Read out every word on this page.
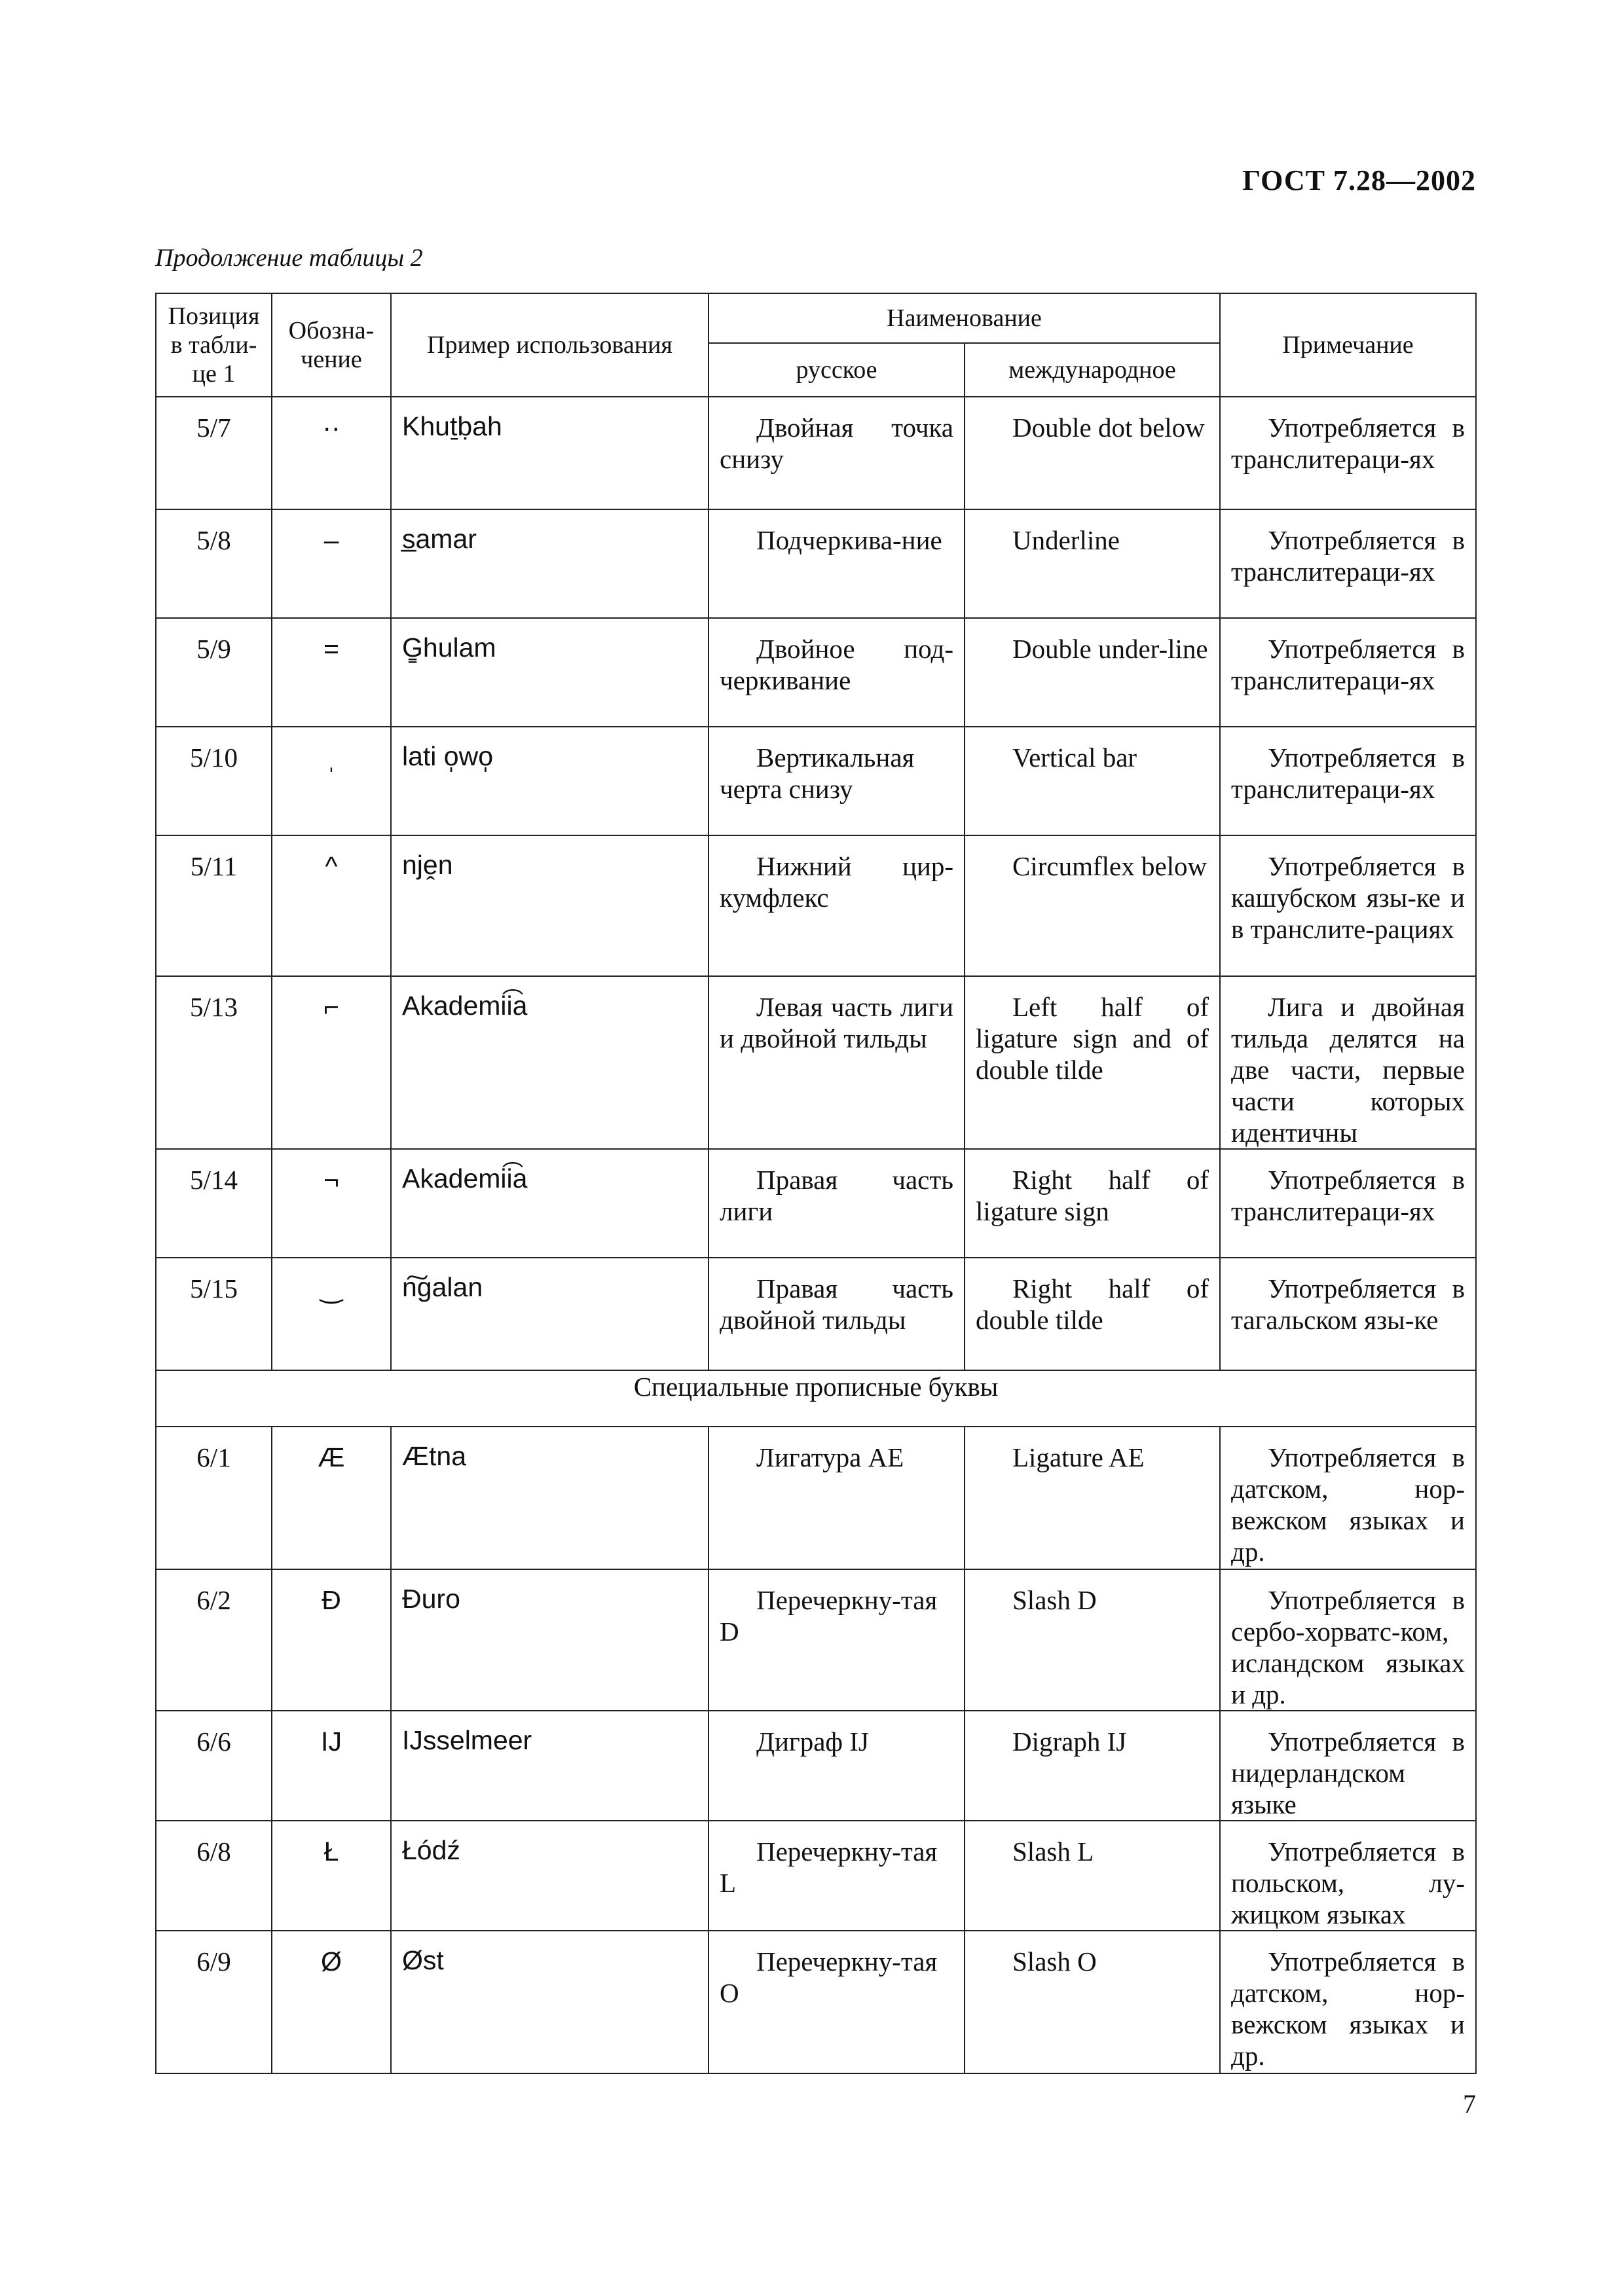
ГОСТ 7.28—2002
Продолжение таблицы 2
Позиция в табли-це 1	Обозна-чение	Пример использования	Наименование		Примечание
			русское	международное	
5/7	··	Khuṯḅah	Двойная точка снизу	Double dot below	Употребляется в транслитераци-ях

5/8	–	s̲amar	Подчеркива-ние	Underline	Употребляется в транслитераци-ях

5/9	=	G̳hulam	Двойное под-черкивание	Double under-line	Употребляется в транслитераци-ях

5/10	ˌ	lati o̩wo̩	Вертикальная черта снизу	Vertical bar	Употребляется в транслитераци-ях

5/11	^	njḙn	Нижний цир-кумфлекс	Circumflex below	Употребляется в кашубском язы-ке и в транслите-рациях

5/13	⌐	Akademii͡a	Левая часть лиги и двойной тильды	Left half of ligature sign and of double tilde	Лига и двойная тильда делятся на две части, первые части которых идентичны

5/14	¬	Akademii͡a	Правая часть лиги	Right half of ligature sign	Употребляется в транслитераци-ях

5/15	‿	n͠galan	Правая часть двойной тильды	Right half of double tilde	Употребляется в тагальском язы-ке

Специальные прописные буквы					
6/1	Æ	Ætna	Лигатура AE	Ligature AE	Употребляется в датском, нор-вежском языках и др.

6/2	Đ	Đuro	Перечеркну-тая D	Slash D	Употребляется в сербо-хорватс-ком, исландском языках и др.

6/6	IJ	IJsselmeer	Диграф IJ	Digraph IJ	Употребляется в нидерландском языке

6/8	Ł	Łódź	Перечеркну-тая L	Slash L	Употребляется в польском, лу-жицком языках

6/9	Ø	Øst	Перечеркну-тая O	Slash O	Употребляется в датском, нор-вежском языках и др.
7
